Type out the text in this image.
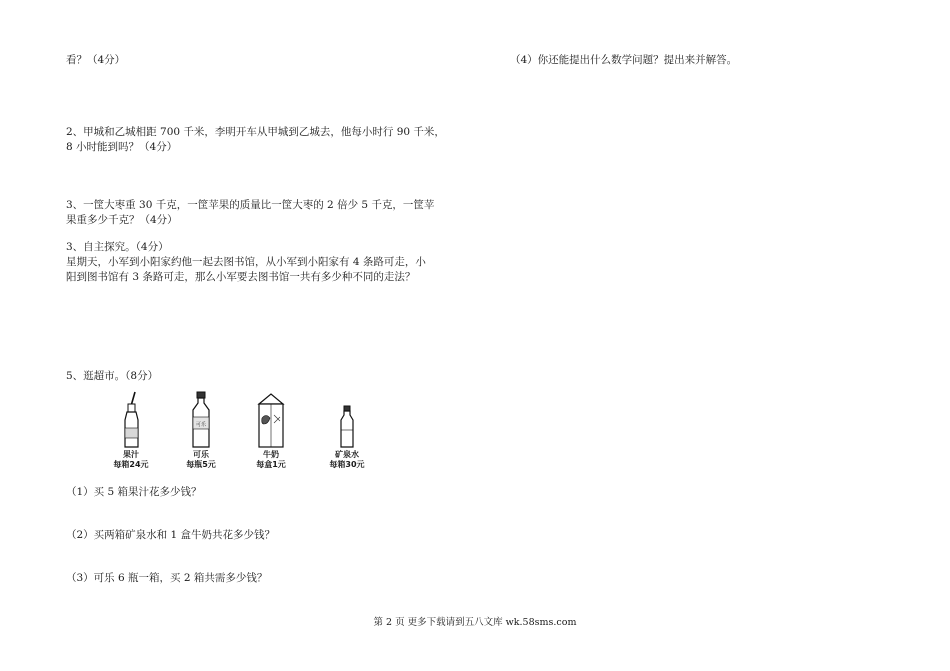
看？（4分）
2、甲城和乙城相距 700 千米，李明开车从甲城到乙城去，他每小时行 90 千米，
8 小时能到吗？（4分）
3、一筐大枣重 30 千克，一筐苹果的质量比一筐大枣的 2 倍少 5 千克，一筐苹
果重多少千克？（4分）
3、自主探究。（4分）
星期天，小军到小阳家约他一起去图书馆，从小军到小阳家有 4 条路可走，小
阳到图书馆有 3 条路可走，那么小军要去图书馆一共有多少种不同的走法？
5、逛超市。（8分）
果汁
每箱24元
可乐
可乐
每瓶5元
牛奶
每盒1元
矿泉水
每箱30元
（1）买 5 箱果汁花多少钱？
（2）买两箱矿泉水和 1 盒牛奶共花多少钱？
（3）可乐 6 瓶一箱，买 2 箱共需多少钱？
（4）你还能提出什么数学问题？提出来并解答。
第 2 页 更多下载请到五八文库 wk.58sms.com
